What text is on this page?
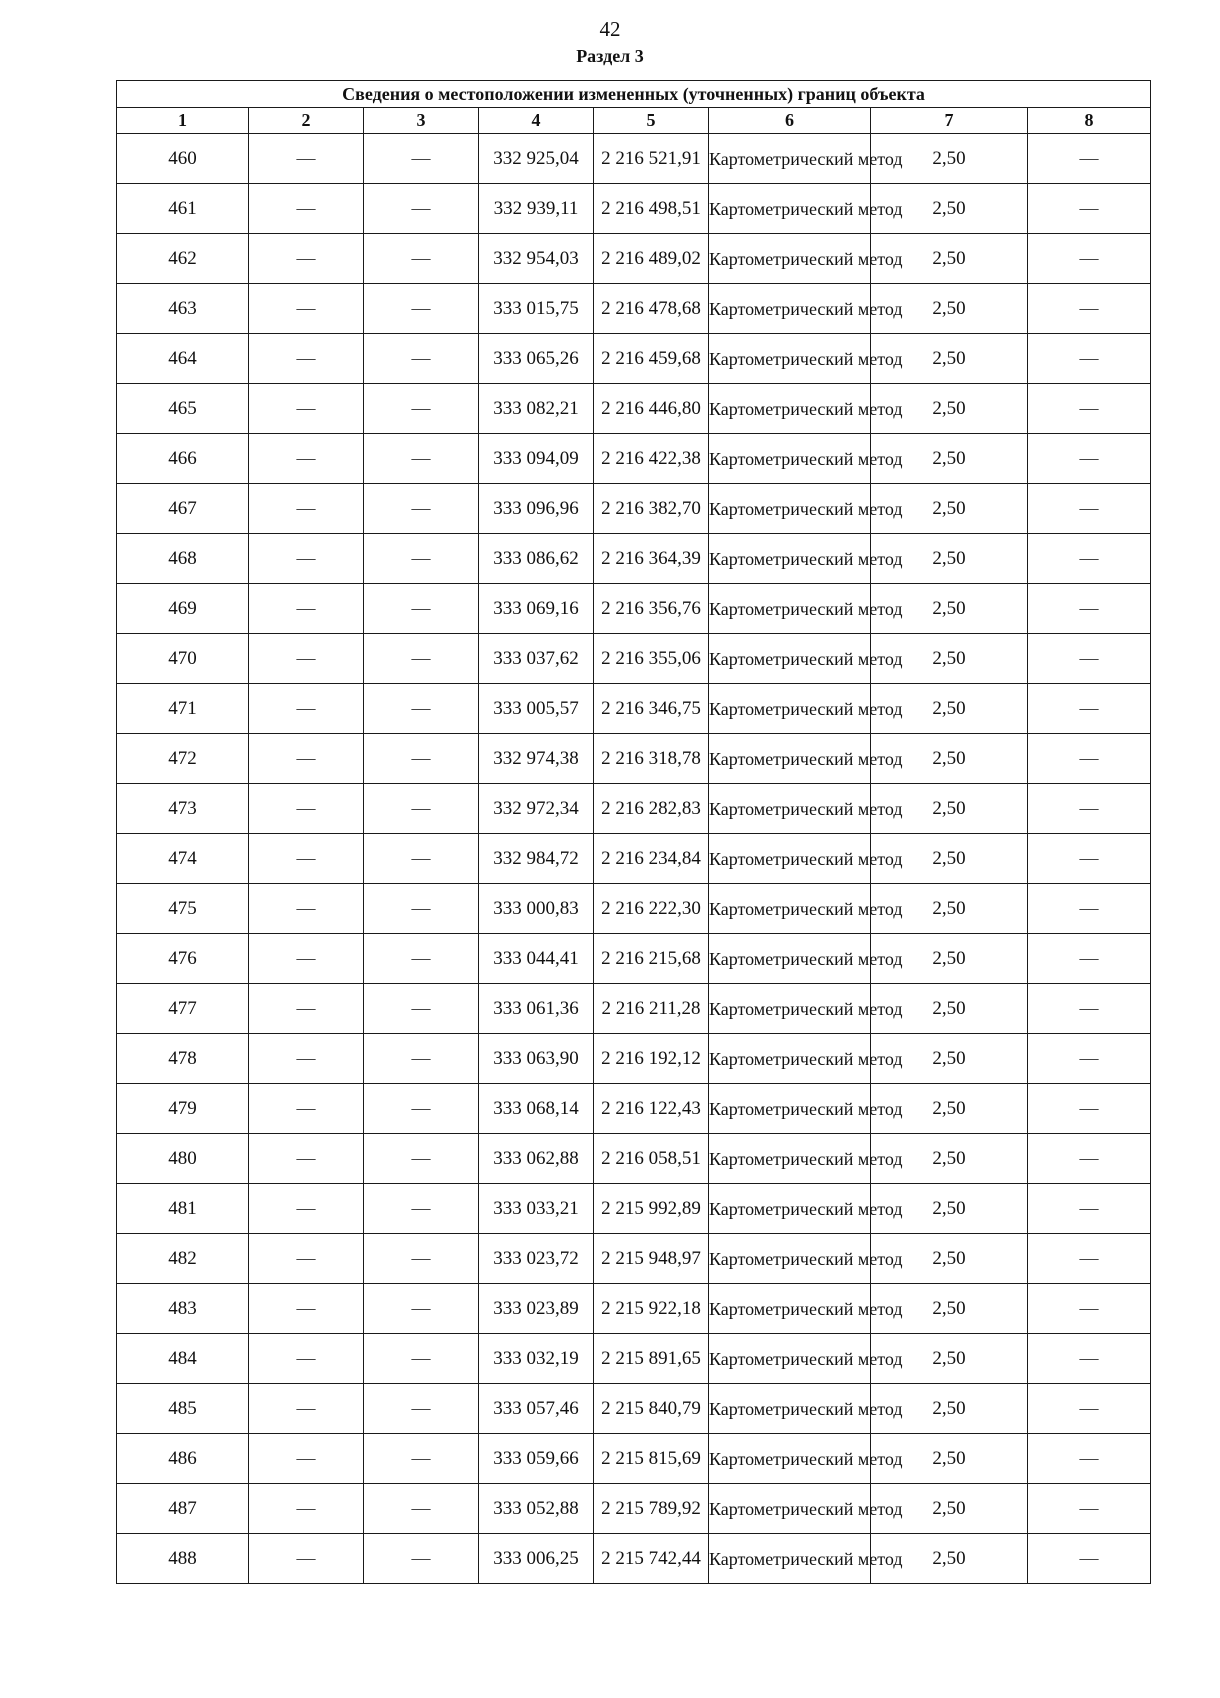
42
Раздел 3
Сведения о местоположении измененных (уточненных) границ объекта							
1	2	3	4	5	6	7	8
460	—	—	332 925,04	2 216 521,91	Картометрический метод	2,50	—
461	—	—	332 939,11	2 216 498,51	Картометрический метод	2,50	—
462	—	—	332 954,03	2 216 489,02	Картометрический метод	2,50	—
463	—	—	333 015,75	2 216 478,68	Картометрический метод	2,50	—
464	—	—	333 065,26	2 216 459,68	Картометрический метод	2,50	—
465	—	—	333 082,21	2 216 446,80	Картометрический метод	2,50	—
466	—	—	333 094,09	2 216 422,38	Картометрический метод	2,50	—
467	—	—	333 096,96	2 216 382,70	Картометрический метод	2,50	—
468	—	—	333 086,62	2 216 364,39	Картометрический метод	2,50	—
469	—	—	333 069,16	2 216 356,76	Картометрический метод	2,50	—
470	—	—	333 037,62	2 216 355,06	Картометрический метод	2,50	—
471	—	—	333 005,57	2 216 346,75	Картометрический метод	2,50	—
472	—	—	332 974,38	2 216 318,78	Картометрический метод	2,50	—
473	—	—	332 972,34	2 216 282,83	Картометрический метод	2,50	—
474	—	—	332 984,72	2 216 234,84	Картометрический метод	2,50	—
475	—	—	333 000,83	2 216 222,30	Картометрический метод	2,50	—
476	—	—	333 044,41	2 216 215,68	Картометрический метод	2,50	—
477	—	—	333 061,36	2 216 211,28	Картометрический метод	2,50	—
478	—	—	333 063,90	2 216 192,12	Картометрический метод	2,50	—
479	—	—	333 068,14	2 216 122,43	Картометрический метод	2,50	—
480	—	—	333 062,88	2 216 058,51	Картометрический метод	2,50	—
481	—	—	333 033,21	2 215 992,89	Картометрический метод	2,50	—
482	—	—	333 023,72	2 215 948,97	Картометрический метод	2,50	—
483	—	—	333 023,89	2 215 922,18	Картометрический метод	2,50	—
484	—	—	333 032,19	2 215 891,65	Картометрический метод	2,50	—
485	—	—	333 057,46	2 215 840,79	Картометрический метод	2,50	—
486	—	—	333 059,66	2 215 815,69	Картометрический метод	2,50	—
487	—	—	333 052,88	2 215 789,92	Картометрический метод	2,50	—
488	—	—	333 006,25	2 215 742,44	Картометрический метод	2,50	—
